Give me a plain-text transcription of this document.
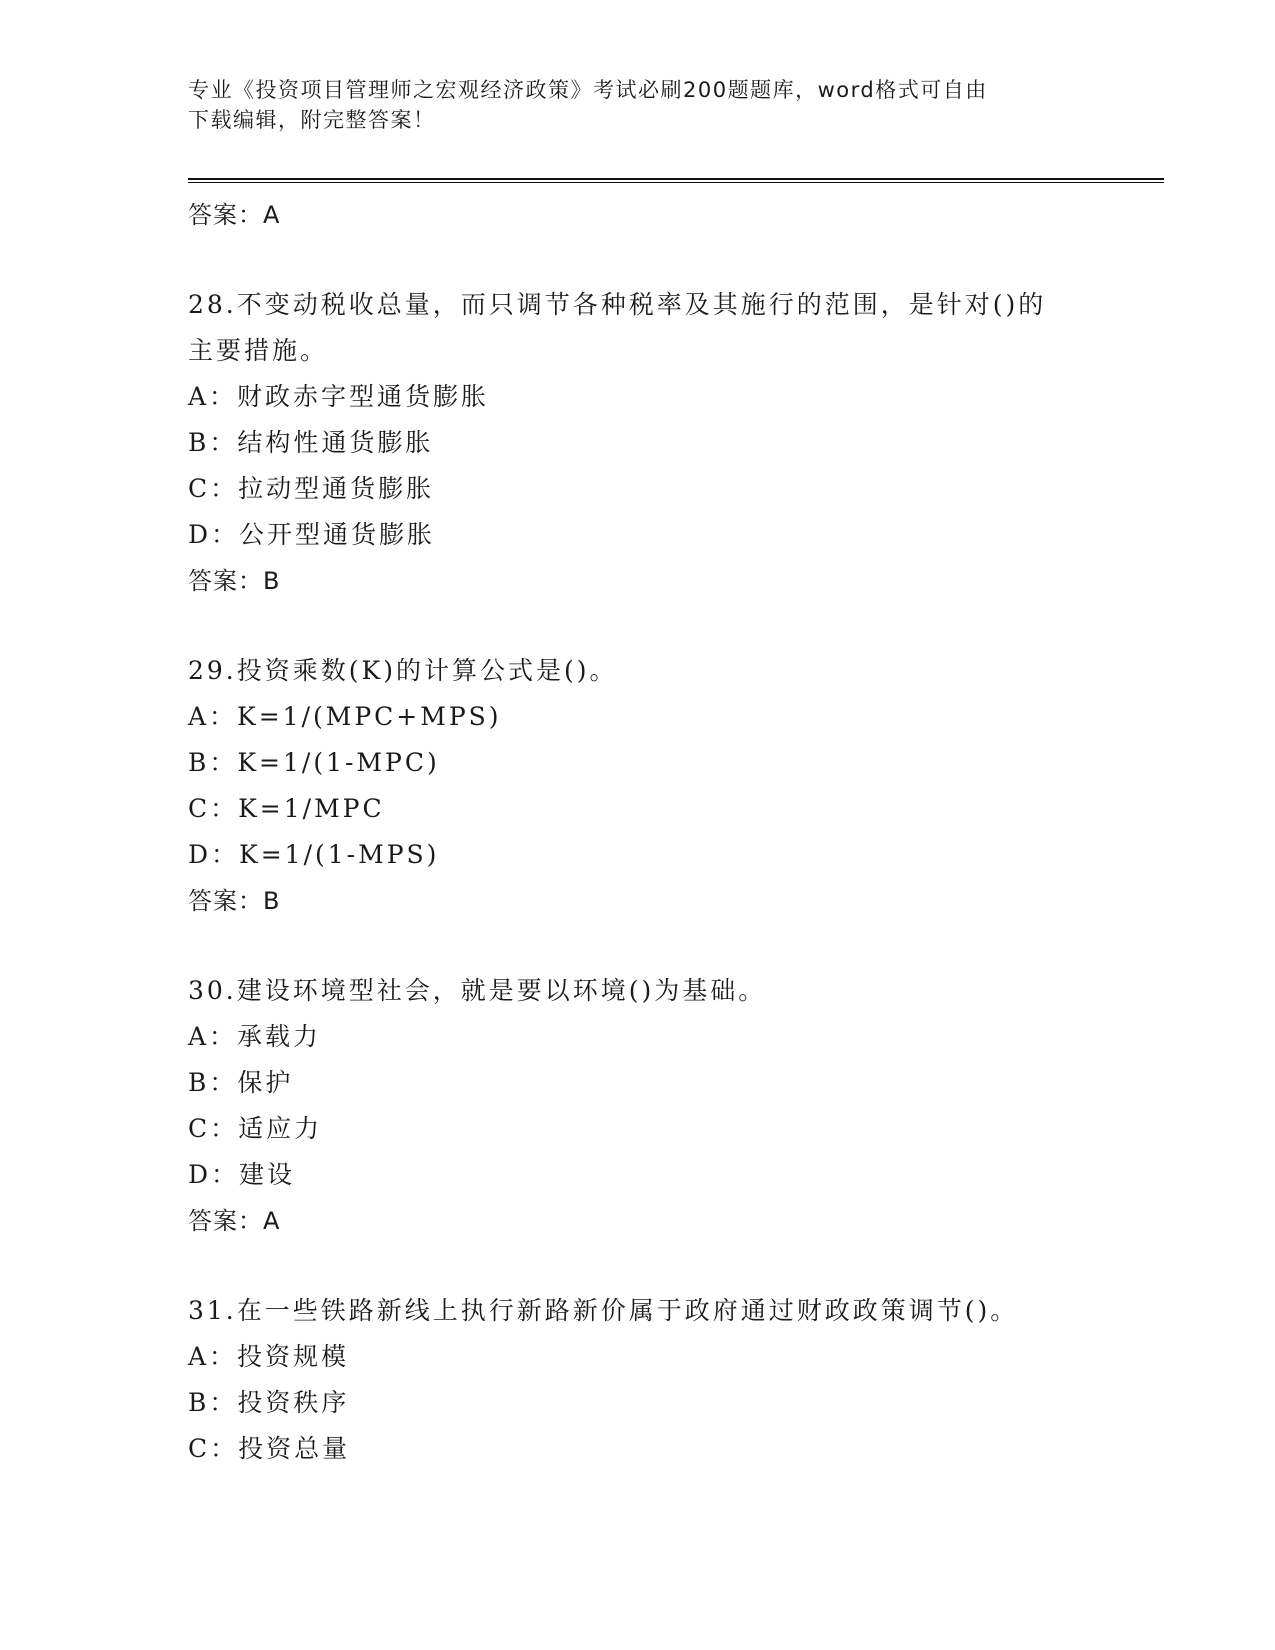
专业《投资项目管理师之宏观经济政策》考试必刷200题题库，word格式可自由
下载编辑，附完整答案！
答案：A
28.不变动税收总量，而只调节各种税率及其施行的范围，是针对()的
主要措施。
A：财政赤字型通货膨胀
B：结构性通货膨胀
C：拉动型通货膨胀
D：公开型通货膨胀
答案：B
29.投资乘数(K)的计算公式是()。
A：K=1/(MPC+MPS)
B：K=1/(1-MPC)
C：K=1/MPC
D：K=1/(1-MPS)
答案：B
30.建设环境型社会，就是要以环境()为基础。
A：承载力
B：保护
C：适应力
D：建设
答案：A
31.在一些铁路新线上执行新路新价属于政府通过财政政策调节()。
A：投资规模
B：投资秩序
C：投资总量
